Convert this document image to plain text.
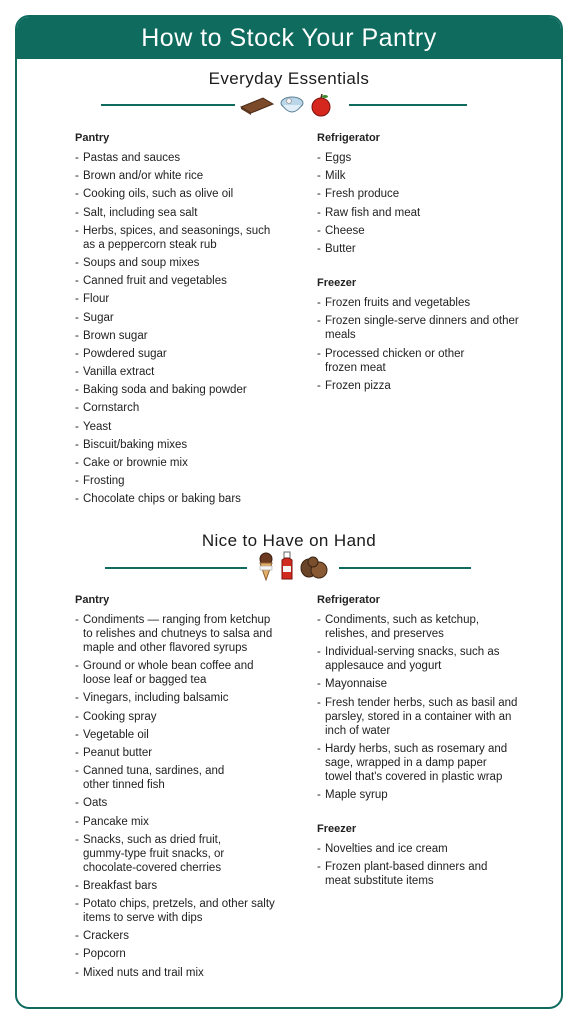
How to Stock Your Pantry
Everyday Essentials
Pantry
- Pastas and sauces
- Brown and/or white rice
- Cooking oils, such as olive oil
- Salt, including sea salt
- Herbs, spices, and seasonings, such as a peppercorn steak rub
- Soups and soup mixes
- Canned fruit and vegetables
- Flour
- Sugar
- Brown sugar
- Powdered sugar
- Vanilla extract
- Baking soda and baking powder
- Cornstarch
- Yeast
- Biscuit/baking mixes
- Cake or brownie mix
- Frosting
- Chocolate chips or baking bars
Refrigerator
- Eggs
- Milk
- Fresh produce
- Raw fish and meat
- Cheese
- Butter
Freezer
- Frozen fruits and vegetables
- Frozen single-serve dinners and other meals
- Processed chicken or other frozen meat
- Frozen pizza
Nice to Have on Hand
Pantry
- Condiments — ranging from ketchup to relishes and chutneys to salsa and maple and other flavored syrups
- Ground or whole bean coffee and loose leaf or bagged tea
- Vinegars, including balsamic
- Cooking spray
- Vegetable oil
- Peanut butter
- Canned tuna, sardines, and other tinned fish
- Oats
- Pancake mix
- Snacks, such as dried fruit, gummy-type fruit snacks, or chocolate-covered cherries
- Breakfast bars
- Potato chips, pretzels, and other salty items to serve with dips
- Crackers
- Popcorn
- Mixed nuts and trail mix
Refrigerator
- Condiments, such as ketchup, relishes, and preserves
- Individual-serving snacks, such as applesauce and yogurt
- Mayonnaise
- Fresh tender herbs, such as basil and parsley, stored in a container with an inch of water
- Hardy herbs, such as rosemary and sage, wrapped in a damp paper towel that's covered in plastic wrap
- Maple syrup
Freezer
- Novelties and ice cream
- Frozen plant-based dinners and meat substitute items
